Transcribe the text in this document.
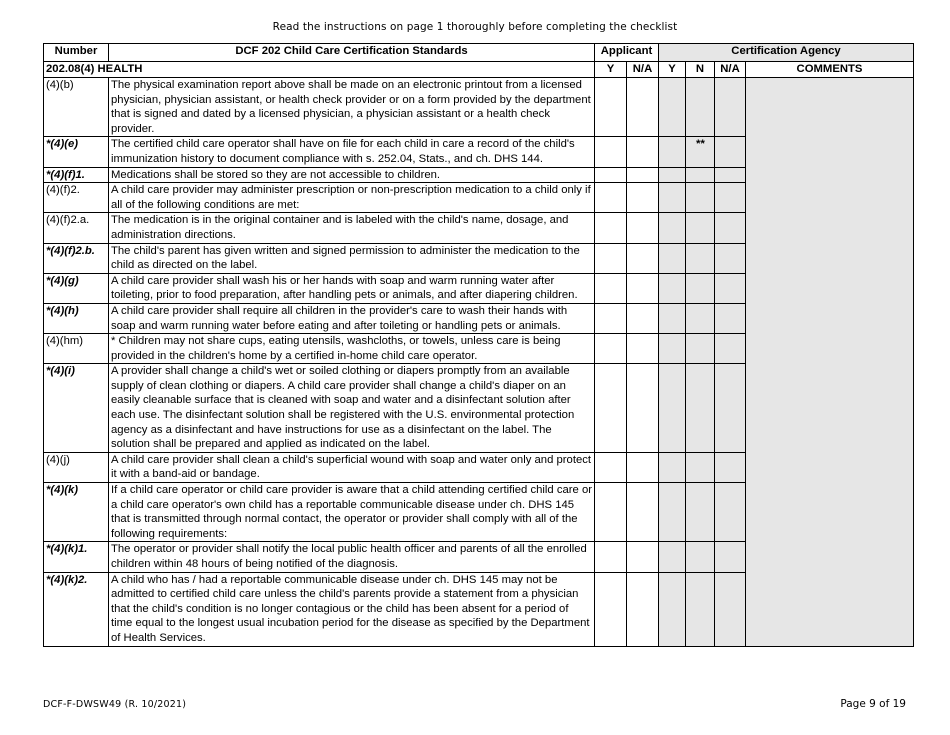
Read the instructions on page 1 thoroughly before completing the checklist
Number	DCF 202 Child Care Certification Standards	Applicant		Certification Agency			
202.08(4) HEALTH		Y	N/A	Y	N	N/A	COMMENTS
(4)(b)	The physical examination report above shall be made on an electronic printout from a licensed physician, physician assistant, or health check provider or on a form provided by the department that is signed and dated by a licensed physician, a physician assistant or a health check provider.						
*(4)(e)	The certified child care operator shall have on file for each child in care a record of the child's immunization history to document compliance with s. 252.04, Stats., and ch. DHS 144.				**		
*(4)(f)1.	Medications shall be stored so they are not accessible to children.						
(4)(f)2.	A child care provider may administer prescription or non-prescription medication to a child only if all of the following conditions are met:						
(4)(f)2.a.	The medication is in the original container and is labeled with the child's name, dosage, and administration directions.						
*(4)(f)2.b.	The child's parent has given written and signed permission to administer the medication to the child as directed on the label.						
*(4)(g)	A child care provider shall wash his or her hands with soap and warm running water after toileting, prior to food preparation, after handling pets or animals, and after diapering children.						
*(4)(h)	A child care provider shall require all children in the provider's care to wash their hands with soap and warm running water before eating and after toileting or handling pets or animals.						
(4)(hm)	* Children may not share cups, eating utensils, washcloths, or towels, unless care is being provided in the children's home by a certified in-home child care operator.						
*(4)(i)	A provider shall change a child's wet or soiled clothing or diapers promptly from an available supply of clean clothing or diapers. A child care provider shall change a child's diaper on an easily cleanable surface that is cleaned with soap and water and a disinfectant solution after each use. The disinfectant solution shall be registered with the U.S. environmental protection agency as a disinfectant and have instructions for use as a disinfectant on the label. The solution shall be prepared and applied as indicated on the label.						
(4)(j)	A child care provider shall clean a child's superficial wound with soap and water only and protect it with a band-aid or bandage.						
*(4)(k)	If a child care operator or child care provider is aware that a child attending certified child care or a child care operator's own child has a reportable communicable disease under ch. DHS 145 that is transmitted through normal contact, the operator or provider shall comply with all of the following requirements:						
*(4)(k)1.	The operator or provider shall notify the local public health officer and parents of all the enrolled children within 48 hours of being notified of the diagnosis.						
*(4)(k)2.	A child who has / had a reportable communicable disease under ch. DHS 145 may not be admitted to certified child care unless the child's parents provide a statement from a physician that the child's condition is no longer contagious or the child has been absent for a period of time equal to the longest usual incubation period for the disease as specified by the Department of Health Services.						
DCF-F-DWSW49 (R. 10/2021)	Page 9 of 19
